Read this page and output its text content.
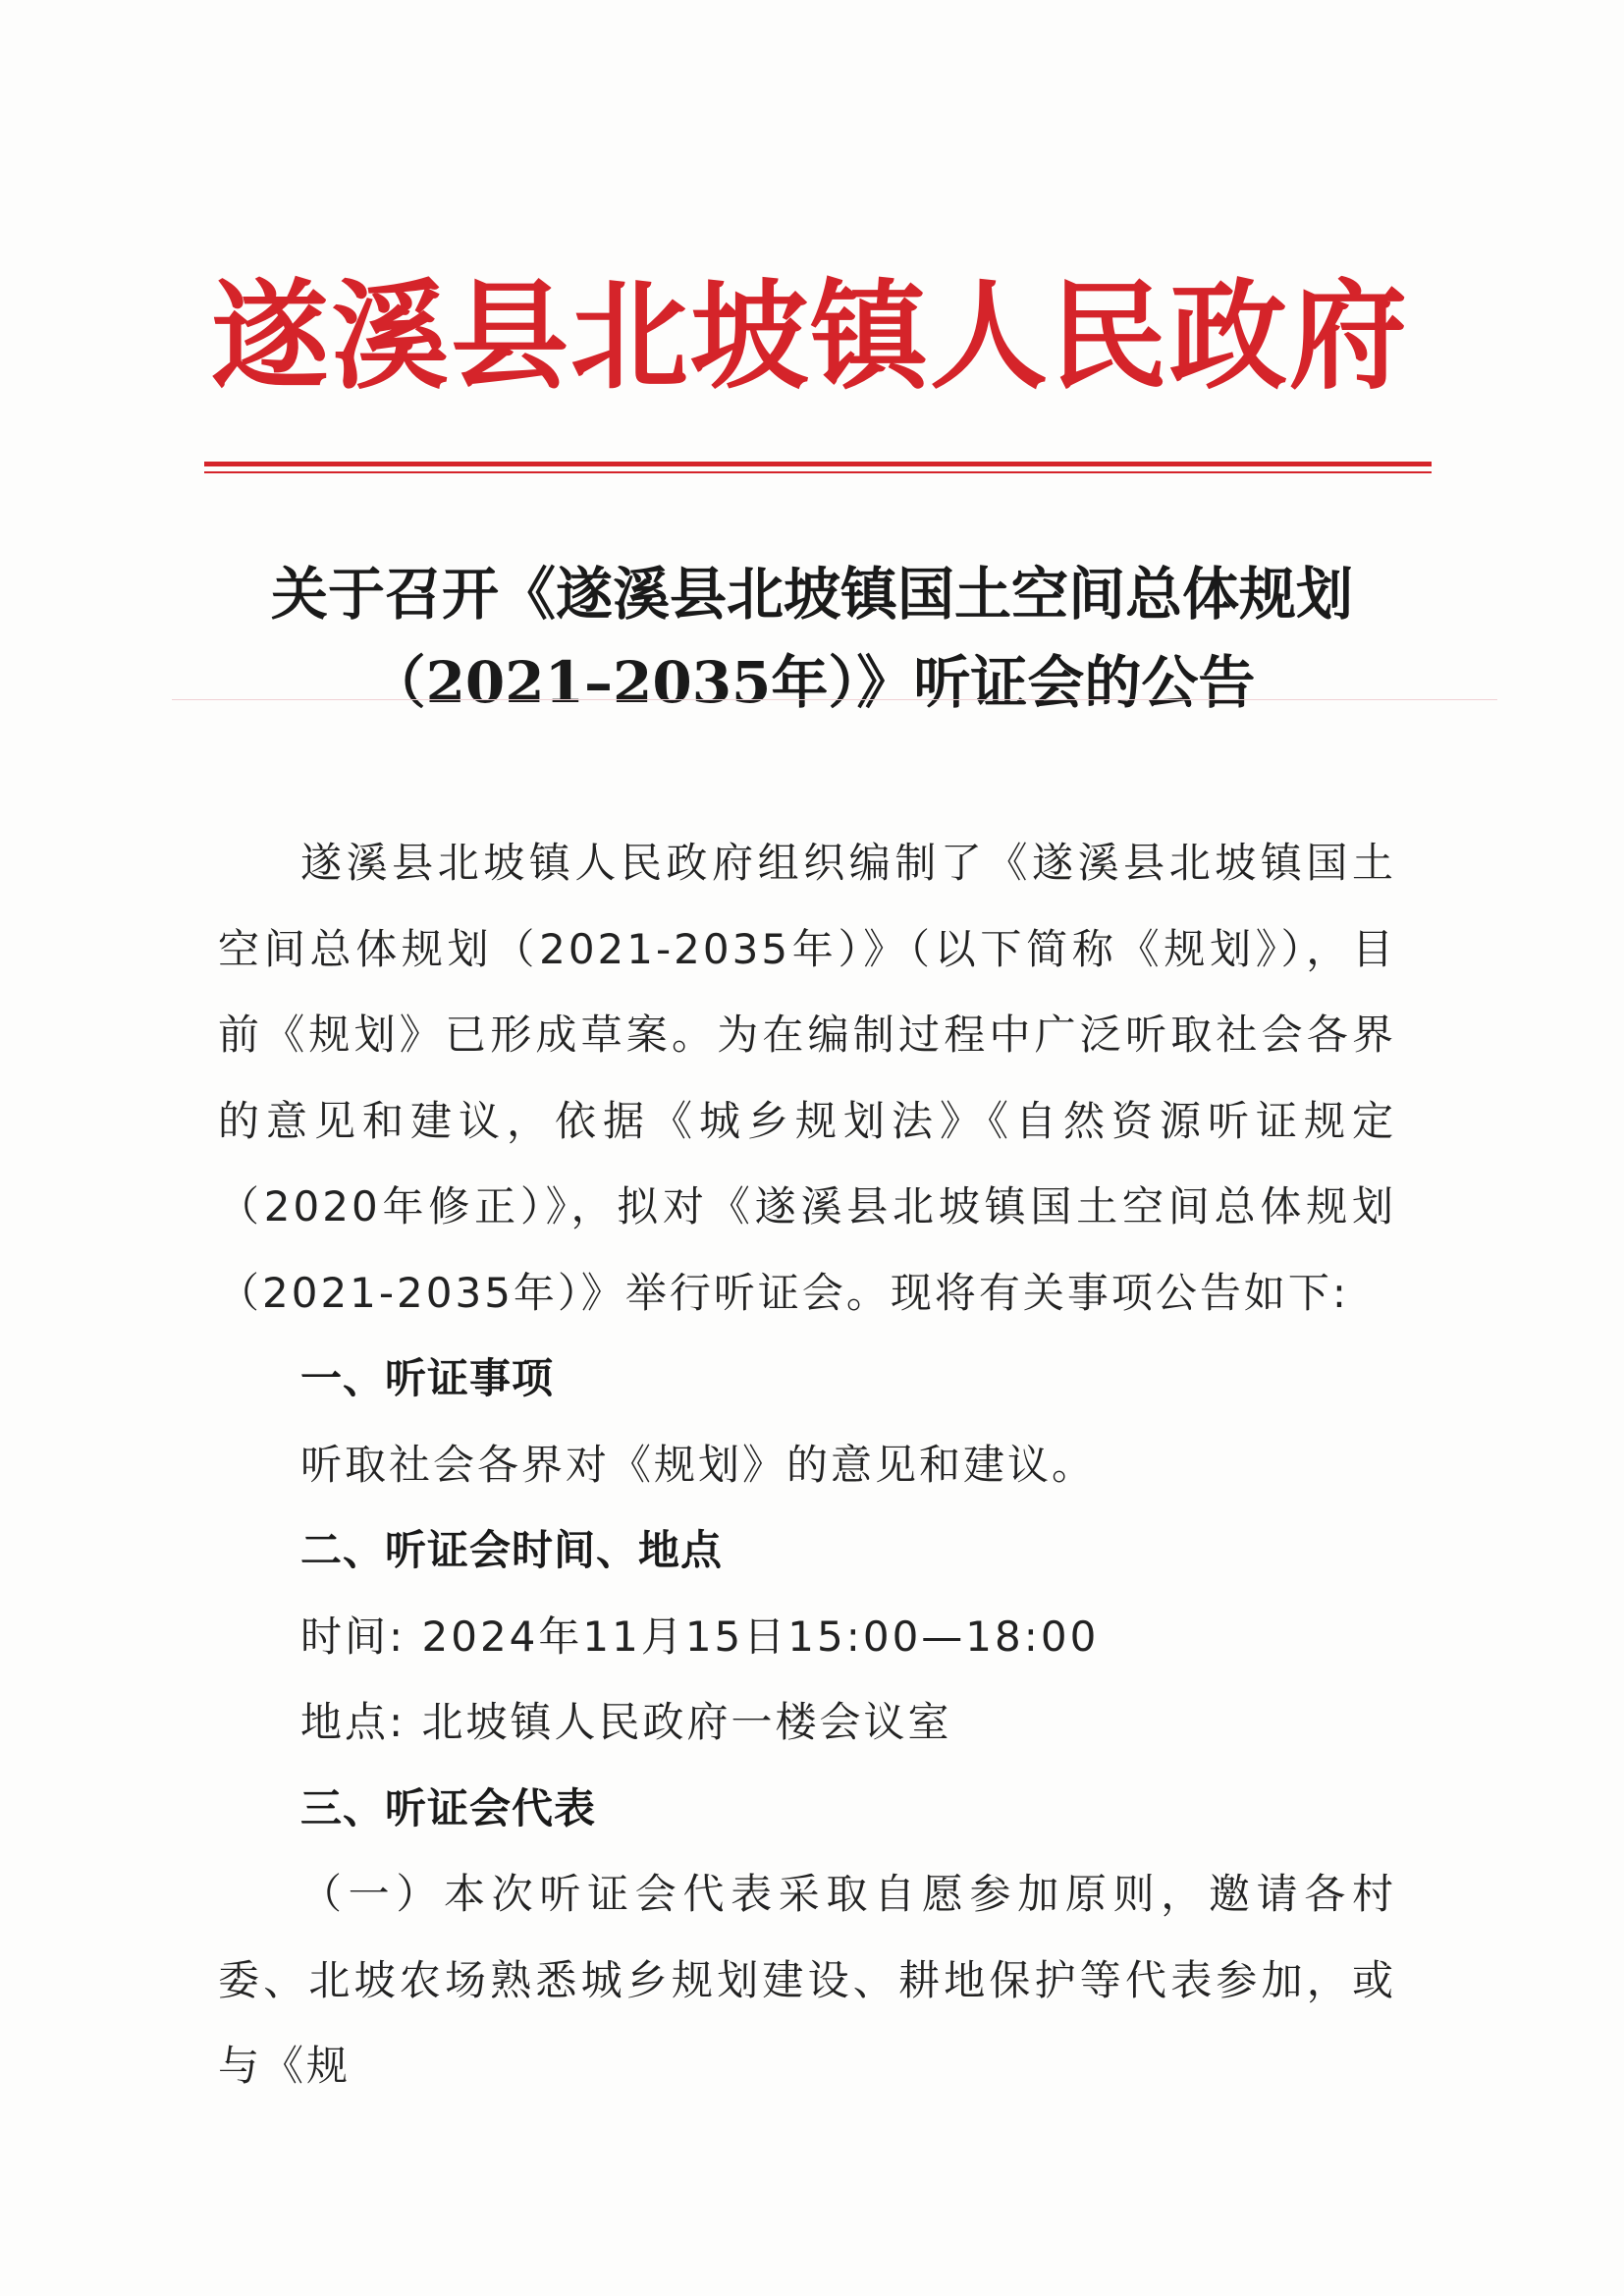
遂溪县北坡镇人民政府
关于召开《遂溪县北坡镇国土空间总体规划
（2021–2035年）》听证会的公告

遂溪县北坡镇人民政府组织编制了《遂溪县北坡镇国土空间总体规划（2021-2035年）》（以下简称《规划》），目前《规划》已形成草案。为在编制过程中广泛听取社会各界的意见和建议，依据《城乡规划法》《自然资源听证规定（2020年修正）》，拟对《遂溪县北坡镇国土空间总体规划（2021-2035年）》举行听证会。现将有关事项公告如下:

一、听证事项

听取社会各界对《规划》的意见和建议。

二、听证会时间、地点

时间: 2024年11月15日15:00—18:00

地点: 北坡镇人民政府一楼会议室

三、听证会代表

（一）本次听证会代表采取自愿参加原则，邀请各村委、北坡农场熟悉城乡规划建设、耕地保护等代表参加，或与《规
